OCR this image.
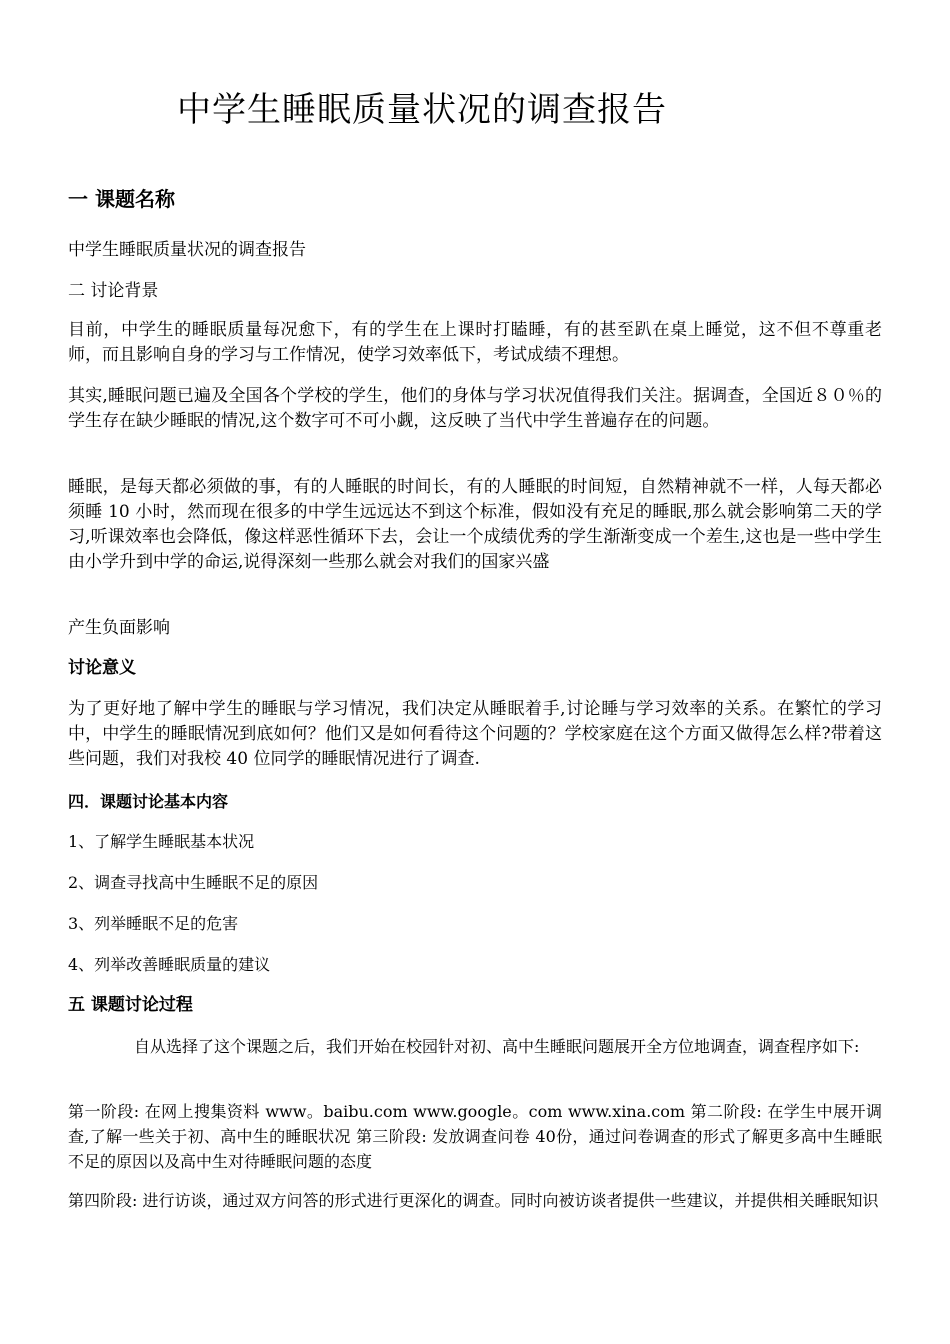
中学生睡眠质量状况的调查报告
一 课题名称

中学生睡眠质量状况的调查报告

二 讨论背景

目前，中学生的睡眠质量每况愈下，有的学生在上课时打瞌睡，有的甚至趴在桌上睡觉，这不但不尊重老师，而且影响自身的学习与工作情况，使学习效率低下，考试成绩不理想。

其实,睡眠问题已遍及全国各个学校的学生，他们的身体与学习状况值得我们关注。据调查，全国近８０％的学生存在缺少睡眠的情况,这个数字可不可小觑，这反映了当代中学生普遍存在的问题。

睡眠，是每天都必须做的事，有的人睡眠的时间长，有的人睡眠的时间短，自然精神就不一样，人每天都必须睡 10 小时，然而现在很多的中学生远远达不到这个标准，假如没有充足的睡眠,那么就会影响第二天的学习,听课效率也会降低，像这样恶性循环下去，会让一个成绩优秀的学生渐渐变成一个差生,这也是一些中学生由小学升到中学的命运,说得深刻一些那么就会对我们的国家兴盛

产生负面影响

讨论意义

为了更好地了解中学生的睡眠与学习情况，我们决定从睡眠着手,讨论睡与学习效率的关系。在繁忙的学习中，中学生的睡眠情况到底如何？他们又是如何看待这个问题的？学校家庭在这个方面又做得怎么样?带着这些问题，我们对我校 40 位同学的睡眠情况进行了调查.

四．课题讨论基本内容

1、了解学生睡眠基本状况

2、调查寻找高中生睡眠不足的原因

3、列举睡眠不足的危害

4、列举改善睡眠质量的建议

五 课题讨论过程

自从选择了这个课题之后，我们开始在校园针对初、高中生睡眠问题展开全方位地调查，调查程序如下:

第一阶段: 在网上搜集资料 www。baibu.com www.google。com www.xina.com 第二阶段: 在学生中展开调查,了解一些关于初、高中生的睡眠状况 第三阶段: 发放调查问卷 40份，通过问卷调查的形式了解更多高中生睡眠不足的原因以及高中生对待睡眠问题的态度

第四阶段: 进行访谈，通过双方问答的形式进行更深化的调查。同时向被访谈者提供一些建议，并提供相关睡眠知识
